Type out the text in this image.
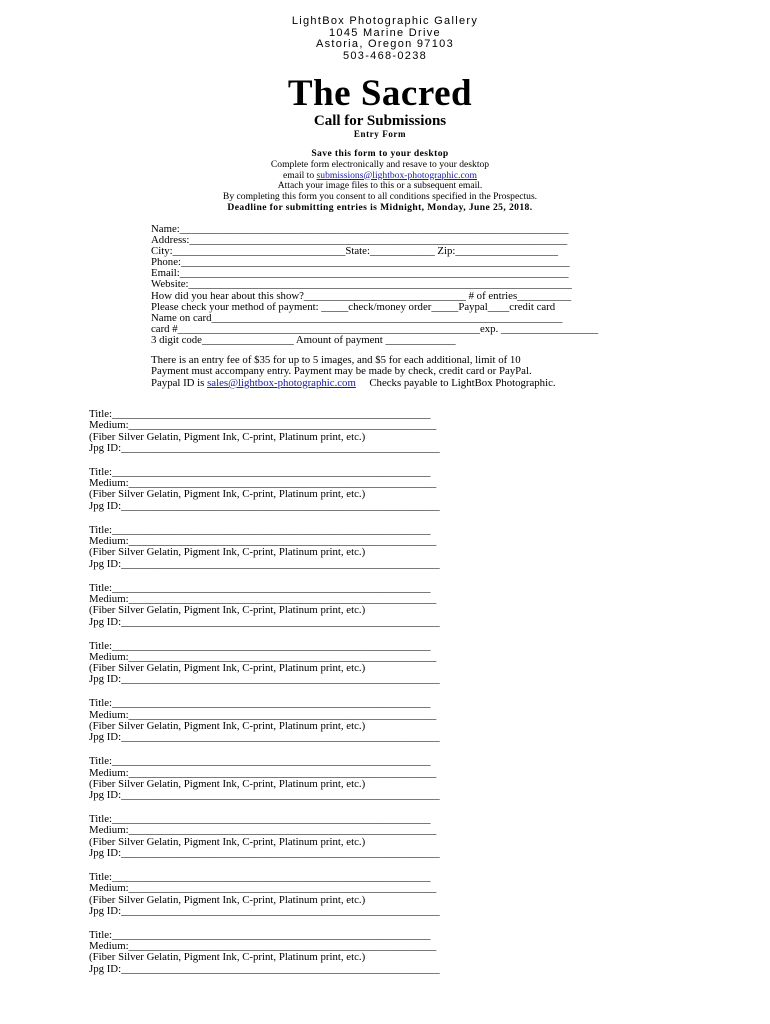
LightBox Photographic Gallery
1045 Marine Drive
Astoria, Oregon 97103
503-468-0238
The Sacred
Call for Submissions
Entry Form
Save this form to your desktop
Complete form electronically and resave to your desktop
email to submissions@lightbox-photographic.com
Attach your image files to this or a subsequent email.
By completing this form you consent to all conditions specified in the Prospectus.
Deadline for submitting entries is Midnight, Monday, June 25, 2018.
Name:________________________________________________________________________
Address:______________________________________________________________________
City:________________________________State:____________ Zip:___________________
Phone:________________________________________________________________________
Email:________________________________________________________________________
Website:_______________________________________________________________________
How did you hear about this show?______________________________ # of entries__________
Please check your method of payment: _____check/money order_____Paypal____credit card
Name on card_________________________________________________________________
card #________________________________________________________exp. __________________
3 digit code_________________ Amount of payment _____________
There is an entry fee of $35 for up to 5 images, and $5 for each additional, limit of 10
Payment must accompany entry. Payment may be made by check, credit card or PayPal.
Paypal ID is sales@lightbox-photographic.com Checks payable to LightBox Photographic.
Title:___________________________________________________________
Medium:_________________________________________________________
(Fiber Silver Gelatin, Pigment Ink, C-print, Platinum print, etc.)
Jpg ID:___________________________________________________________
Title:___________________________________________________________
Medium:_________________________________________________________
(Fiber Silver Gelatin, Pigment Ink, C-print, Platinum print, etc.)
Jpg ID:___________________________________________________________
Title:___________________________________________________________
Medium:_________________________________________________________
(Fiber Silver Gelatin, Pigment Ink, C-print, Platinum print, etc.)
Jpg ID:___________________________________________________________
Title:___________________________________________________________
Medium:_________________________________________________________
(Fiber Silver Gelatin, Pigment Ink, C-print, Platinum print, etc.)
Jpg ID:___________________________________________________________
Title:___________________________________________________________
Medium:_________________________________________________________
(Fiber Silver Gelatin, Pigment Ink, C-print, Platinum print, etc.)
Jpg ID:___________________________________________________________
Title:___________________________________________________________
Medium:_________________________________________________________
(Fiber Silver Gelatin, Pigment Ink, C-print, Platinum print, etc.)
Jpg ID:___________________________________________________________
Title:___________________________________________________________
Medium:_________________________________________________________
(Fiber Silver Gelatin, Pigment Ink, C-print, Platinum print, etc.)
Jpg ID:___________________________________________________________
Title:___________________________________________________________
Medium:_________________________________________________________
(Fiber Silver Gelatin, Pigment Ink, C-print, Platinum print, etc.)
Jpg ID:___________________________________________________________
Title:___________________________________________________________
Medium:_________________________________________________________
(Fiber Silver Gelatin, Pigment Ink, C-print, Platinum print, etc.)
Jpg ID:___________________________________________________________
Title:___________________________________________________________
Medium:_________________________________________________________
(Fiber Silver Gelatin, Pigment Ink, C-print, Platinum print, etc.)
Jpg ID:___________________________________________________________
